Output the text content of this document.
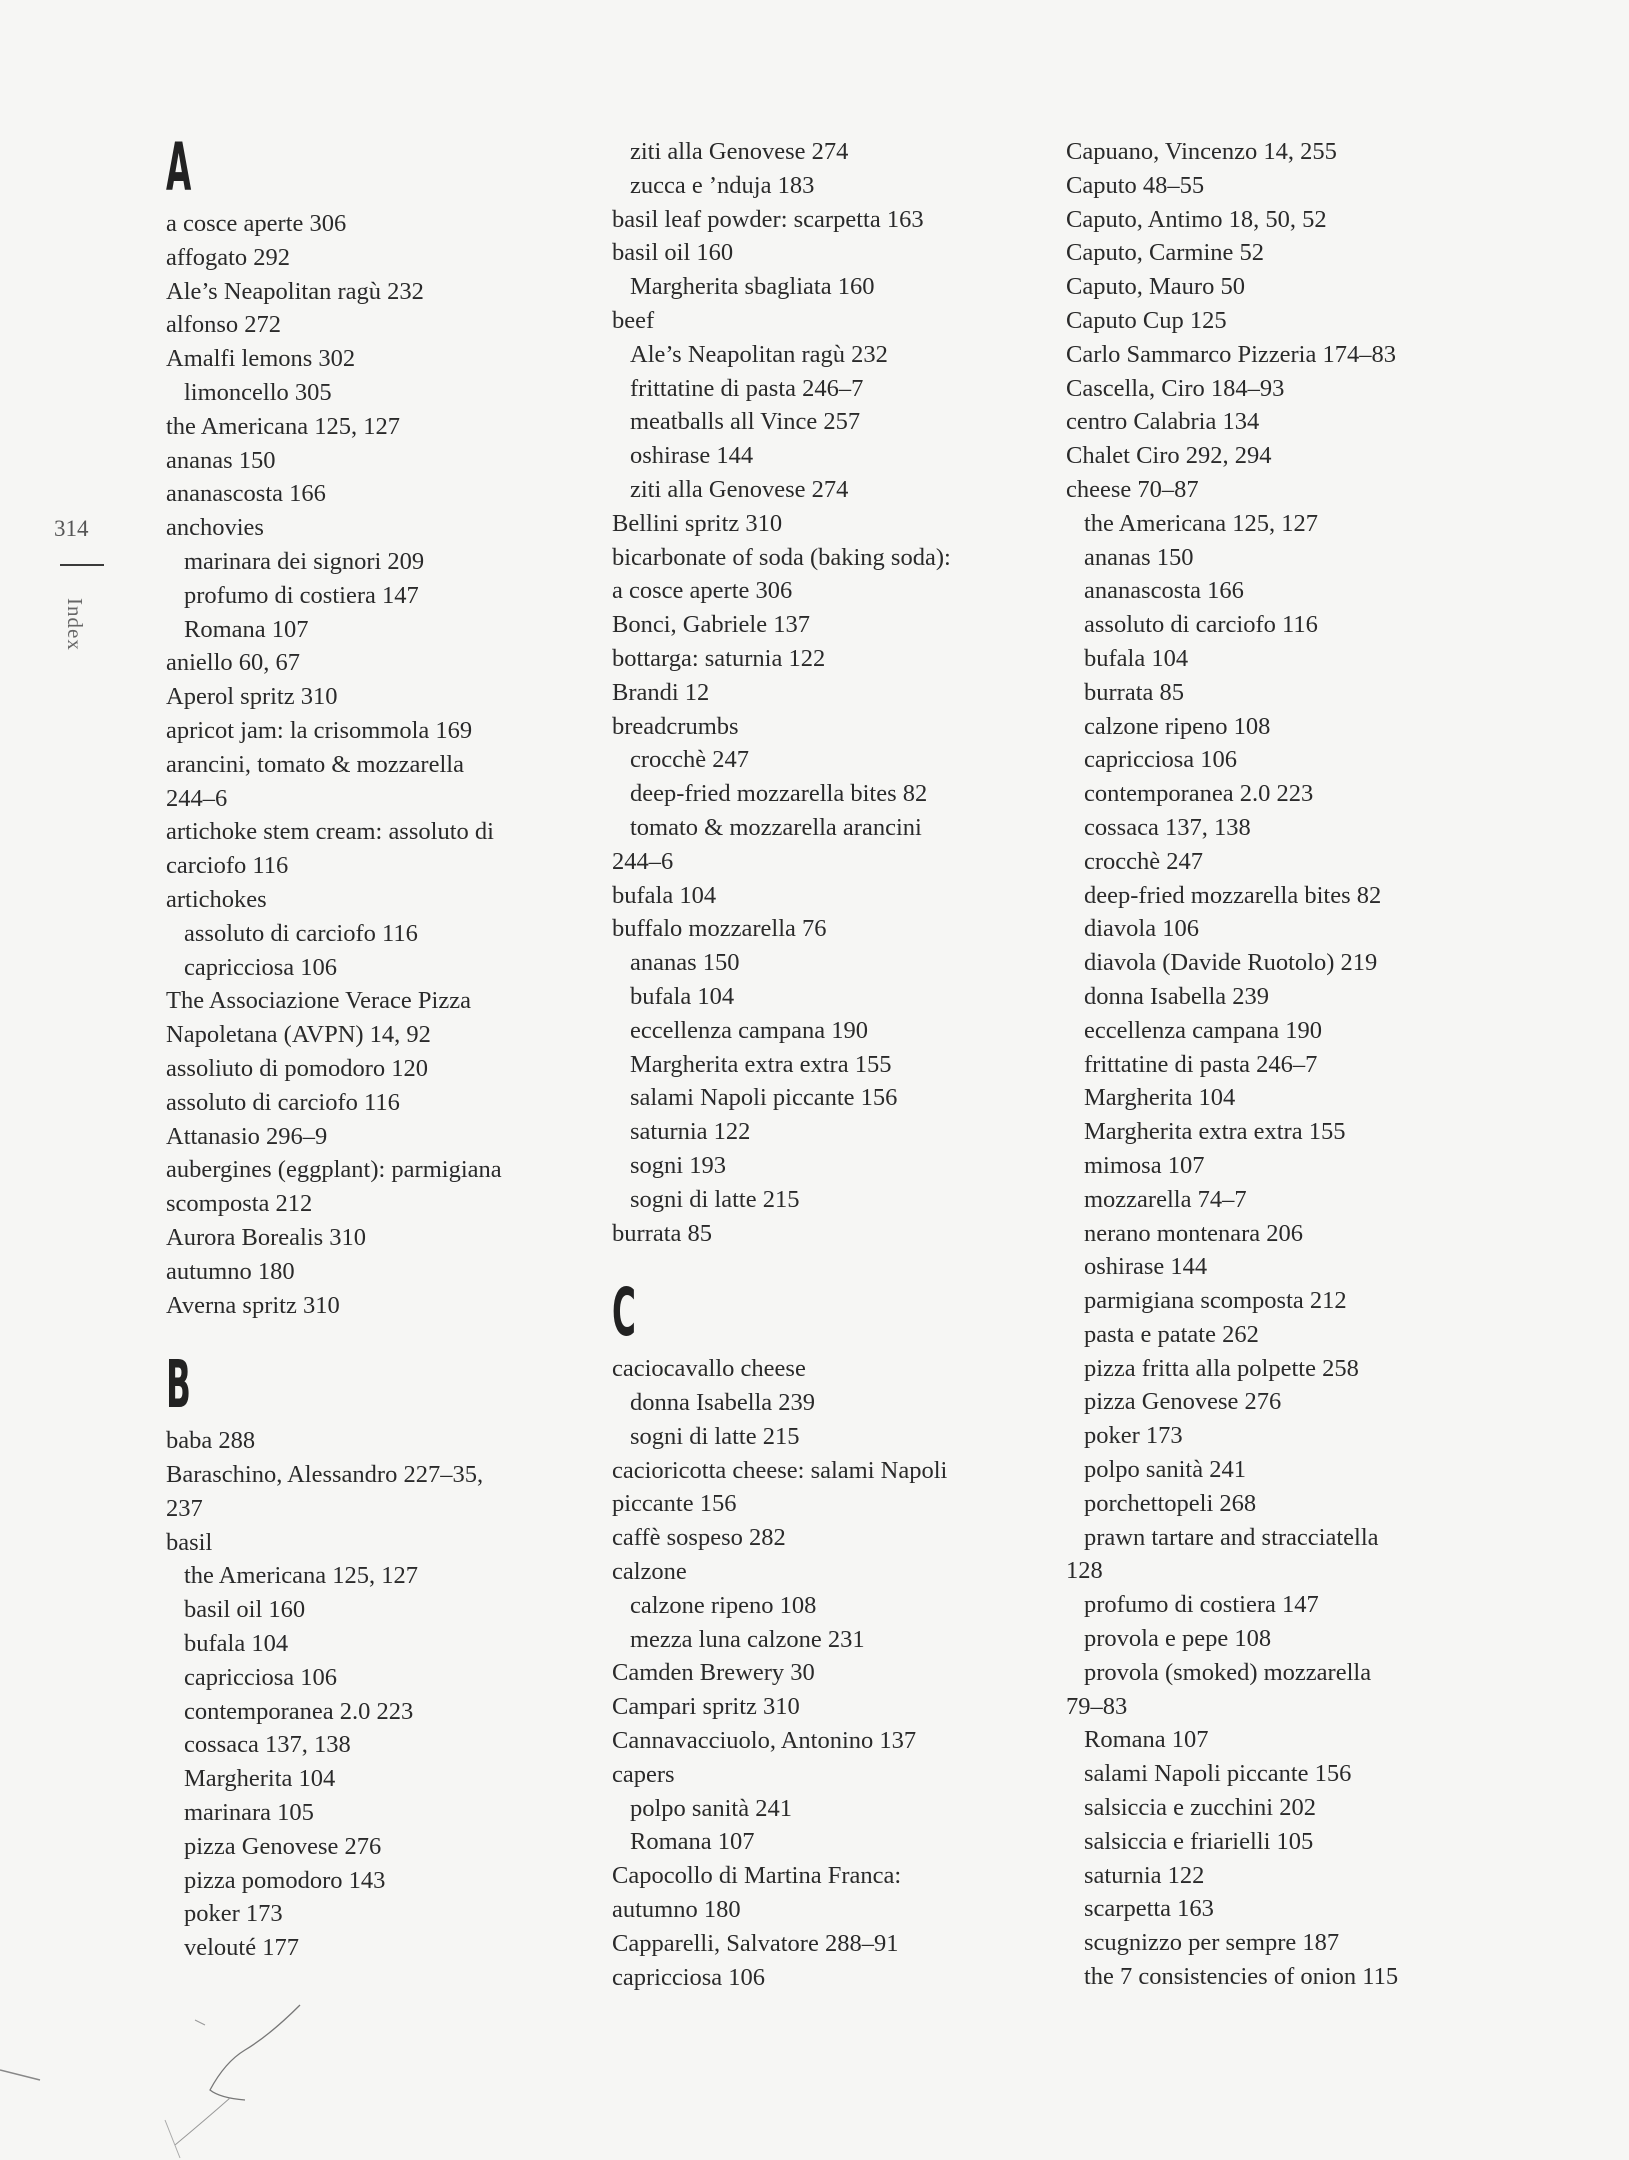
314
Index
A
a cosce aperte 306
affogato 292
Ale’s Neapolitan ragù 232
alfonso 272
Amalfi lemons 302
limoncello 305
the Americana 125, 127
ananas 150
ananascosta 166
anchovies
marinara dei signori 209
profumo di costiera 147
Romana 107
aniello 60, 67
Aperol spritz 310
apricot jam: la crisommola 169
arancini, tomato & mozzarella
244–6
artichoke stem cream: assoluto di
carciofo 116
artichokes
assoluto di carciofo 116
capricciosa 106
The Associazione Verace Pizza
Napoletana (AVPN) 14, 92
assoliuto di pomodoro 120
assoluto di carciofo 116
Attanasio 296–9
aubergines (eggplant): parmigiana
scomposta 212
Aurora Borealis 310
autumno 180
Averna spritz 310
B
baba 288
Baraschino, Alessandro 227–35,
237
basil
the Americana 125, 127
basil oil 160
bufala 104
capricciosa 106
contemporanea 2.0 223
cossaca 137, 138
Margherita 104
marinara 105
pizza Genovese 276
pizza pomodoro 143
poker 173
velouté 177
ziti alla Genovese 274
zucca e ’nduja 183
basil leaf powder: scarpetta 163
basil oil 160
Margherita sbagliata 160
beef
Ale’s Neapolitan ragù 232
frittatine di pasta 246–7
meatballs all Vince 257
oshirase 144
ziti alla Genovese 274
Bellini spritz 310
bicarbonate of soda (baking soda):
a cosce aperte 306
Bonci, Gabriele 137
bottarga: saturnia 122
Brandi 12
breadcrumbs
crocchè 247
deep-fried mozzarella bites 82
tomato & mozzarella arancini
244–6
bufala 104
buffalo mozzarella 76
ananas 150
bufala 104
eccellenza campana 190
Margherita extra extra 155
salami Napoli piccante 156
saturnia 122
sogni 193
sogni di latte 215
burrata 85
C
caciocavallo cheese
donna Isabella 239
sogni di latte 215
cacioricotta cheese: salami Napoli
piccante 156
caffè sospeso 282
calzone
calzone ripeno 108
mezza luna calzone 231
Camden Brewery 30
Campari spritz 310
Cannavacciuolo, Antonino 137
capers
polpo sanità 241
Romana 107
Capocollo di Martina Franca:
autumno 180
Capparelli, Salvatore 288–91
capricciosa 106
Capuano, Vincenzo 14, 255
Caputo 48–55
Caputo, Antimo 18, 50, 52
Caputo, Carmine 52
Caputo, Mauro 50
Caputo Cup 125
Carlo Sammarco Pizzeria 174–83
Cascella, Ciro 184–93
centro Calabria 134
Chalet Ciro 292, 294
cheese 70–87
the Americana 125, 127
ananas 150
ananascosta 166
assoluto di carciofo 116
bufala 104
burrata 85
calzone ripeno 108
capricciosa 106
contemporanea 2.0 223
cossaca 137, 138
crocchè 247
deep-fried mozzarella bites 82
diavola 106
diavola (Davide Ruotolo) 219
donna Isabella 239
eccellenza campana 190
frittatine di pasta 246–7
Margherita 104
Margherita extra extra 155
mimosa 107
mozzarella 74–7
nerano montenara 206
oshirase 144
parmigiana scomposta 212
pasta e patate 262
pizza fritta alla polpette 258
pizza Genovese 276
poker 173
polpo sanità 241
porchettopeli 268
prawn tartare and stracciatella
128
profumo di costiera 147
provola e pepe 108
provola (smoked) mozzarella
79–83
Romana 107
salami Napoli piccante 156
salsiccia e zucchini 202
salsiccia e friarielli 105
saturnia 122
scarpetta 163
scugnizzo per sempre 187
the 7 consistencies of onion 115
